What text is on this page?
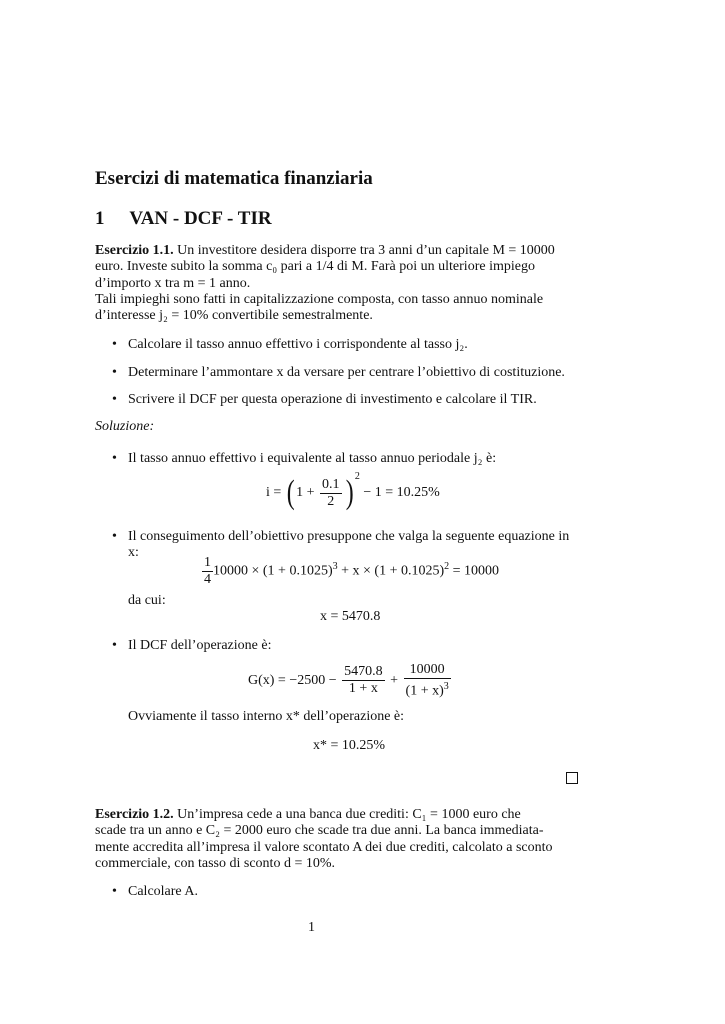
Esercizi di matematica finanziaria
1 VAN - DCF - TIR
Esercizio 1.1. Un investitore desidera disporre tra 3 anni d’un capitale M = 10000
euro. Investe subito la somma c₀ pari a 1/4 di M. Farà poi un ulteriore impiego
d’importo x tra m = 1 anno.
Tali impieghi sono fatti in capitalizzazione composta, con tasso annuo nominale
d’interesse j₂ = 10% convertibile semestralmente.
• Calcolare il tasso annuo effettivo i corrispondente al tasso j₂.
• Determinare l’ammontare x da versare per centrare l’obiettivo di costituzione.
• Scrivere il DCF per questa operazione di investimento e calcolare il TIR.
Soluzione:
• Il tasso annuo effettivo i equivalente al tasso annuo periodale j₂ è:
i = ( $1 + \frac{0.1}{2}$ ) $^2$ − 1 = 10.25%
• Il conseguimento dell’obiettivo presuppone che valga la seguente equazione in
x:
$\frac{1}{4} 10000 \times (1 + 0.1025)^3 + x \times (1 + 0.1025)^2 = 10000$
da cui:
x = 5470.8
• Il DCF dell’operazione è:
$G(x) = -2500 - \frac{5470.8}{1 + x} + \frac{10000}{(1 + x)^3}$
Ovviamente il tasso interno x* dell’operazione è:
x* = 10.25%
Esercizio 1.2. Un’impresa cede a una banca due crediti: C₁ = 1000 euro che
scade tra un anno e C₂ = 2000 euro che scade tra due anni. La banca immediata-
mente accredita all’impresa il valore scontato A dei due crediti, calcolato a sconto
commerciale, con tasso di sconto d = 10%.
• Calcolare A.
1
